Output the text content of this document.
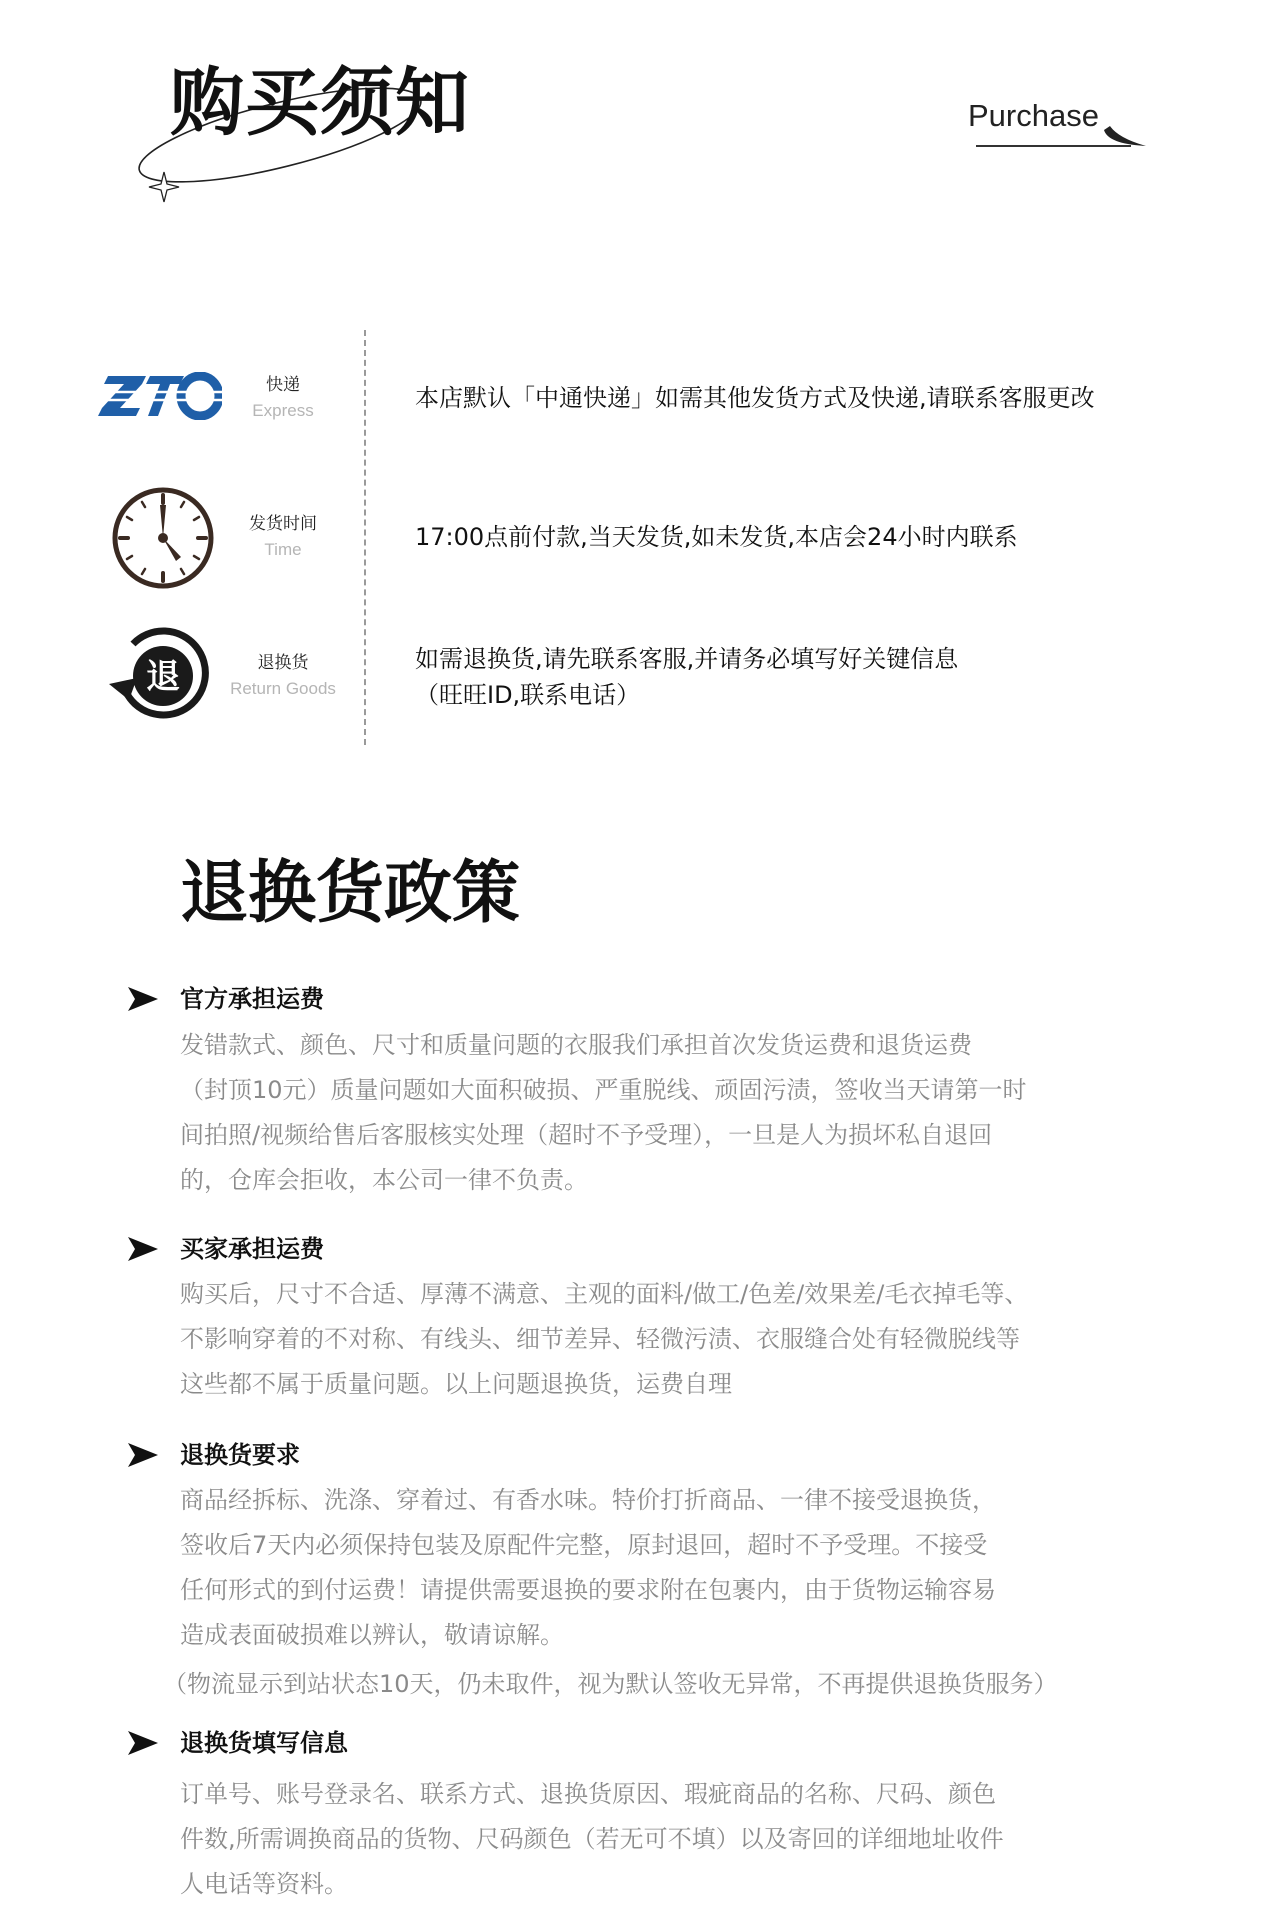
购买须知	Purchase
快递
Express	本店默认「中通快递」如需其他发货方式及快递,请联系客服更改
发货时间
Time	17:00点前付款,当天发货,如未发货,本店会24小时内联系
退	退换货
Return Goods
如需退换货,请先联系客服,并请务必填写好关键信息
（旺旺ID,联系电话）
退换货政策
官方承担运费
发错款式、颜色、尺寸和质量问题的衣服我们承担首次发货运费和退货运费
（封顶10元）质量问题如大面积破损、严重脱线、顽固污渍，签收当天请第一时
间拍照/视频给售后客服核实处理（超时不予受理），一旦是人为损坏私自退回
的，仓库会拒收，本公司一律不负责。
买家承担运费
购买后，尺寸不合适、厚薄不满意、主观的面料/做工/色差/效果差/毛衣掉毛等、
不影响穿着的不对称、有线头、细节差异、轻微污渍、衣服缝合处有轻微脱线等
这些都不属于质量问题。以上问题退换货，运费自理
退换货要求
商品经拆标、洗涤、穿着过、有香水味。特价打折商品、一律不接受退换货，
签收后7天内必须保持包装及原配件完整，原封退回，超时不予受理。不接受
任何形式的到付运费！请提供需要退换的要求附在包裹内，由于货物运输容易
造成表面破损难以辨认，敬请谅解。
（物流显示到站状态10天，仍未取件，视为默认签收无异常，不再提供退换货服务）
退换货填写信息
订单号、账号登录名、联系方式、退换货原因、瑕疵商品的名称、尺码、颜色
件数,所需调换商品的货物、尺码颜色（若无可不填）以及寄回的详细地址收件
人电话等资料。
